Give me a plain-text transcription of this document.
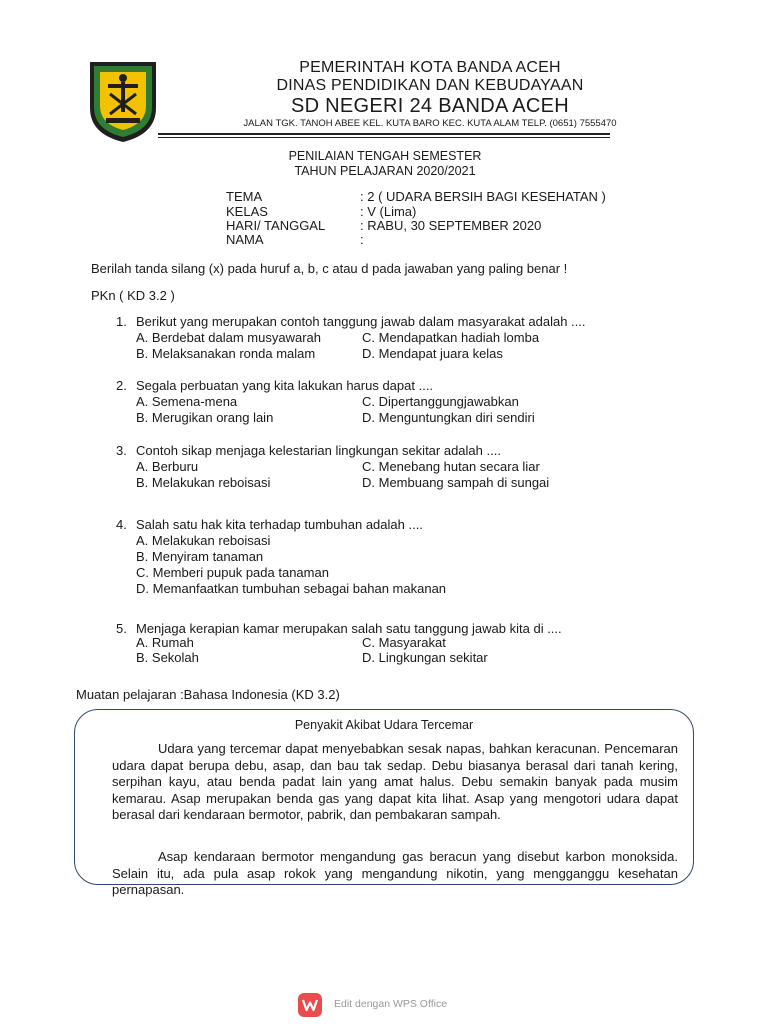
PEMERINTAH KOTA BANDA ACEH
DINAS PENDIDIKAN DAN KEBUDAYAAN
SD NEGERI 24 BANDA ACEH
JALAN TGK. TANOH ABEE KEL. KUTA BARO KEC. KUTA ALAM TELP. (0651) 7555470
PENILAIAN TENGAH SEMESTER
TAHUN PELAJARAN 2020/2021
TEMA	: 2 ( UDARA BERSIH BAGI KESEHATAN )
KELAS	: V (Lima)
HARI/ TANGGAL	: RABU, 30 SEPTEMBER 2020
NAMA	:
Berilah tanda silang (x) pada huruf a, b, c atau d pada jawaban yang paling benar !
PKn ( KD 3.2 )
1. Berikut yang merupakan contoh tanggung jawab dalam masyarakat adalah ....
A. Berdebat dalam musyawarah	C. Mendapatkan hadiah lomba
B. Melaksanakan ronda malam	D. Mendapat juara kelas
2. Segala perbuatan yang kita lakukan harus dapat ....
A. Semena-mena	C. Dipertanggungjawabkan
B. Merugikan orang lain	D. Menguntungkan diri sendiri
3. Contoh sikap menjaga kelestarian lingkungan sekitar adalah ....
A. Berburu	C. Menebang hutan secara liar
B. Melakukan reboisasi	D. Membuang sampah di sungai
4. Salah satu hak kita terhadap tumbuhan adalah ....
A. Melakukan reboisasi
B. Menyiram tanaman
C. Memberi pupuk pada tanaman
D. Memanfaatkan tumbuhan sebagai bahan makanan
5. Menjaga kerapian kamar merupakan salah satu tanggung jawab kita di ....
A. Rumah	C. Masyarakat
B. Sekolah	D. Lingkungan sekitar
Muatan pelajaran :Bahasa Indonesia (KD 3.2)
Penyakit Akibat Udara Tercemar
Udara yang tercemar dapat menyebabkan sesak napas, bahkan keracunan. Pencemaran udara dapat berupa debu, asap, dan bau tak sedap. Debu biasanya berasal dari tanah kering, serpihan kayu, atau benda padat lain yang amat halus. Debu semakin banyak pada musim kemarau. Asap merupakan benda gas yang dapat kita lihat. Asap yang mengotori udara dapat berasal dari kendaraan bermotor, pabrik, dan pembakaran sampah.
Asap kendaraan bermotor mengandung gas beracun yang disebut karbon monoksida. Selain itu, ada pula asap rokok yang mengandung nikotin, yang mengganggu kesehatan pernapasan.
Edit dengan WPS Office
